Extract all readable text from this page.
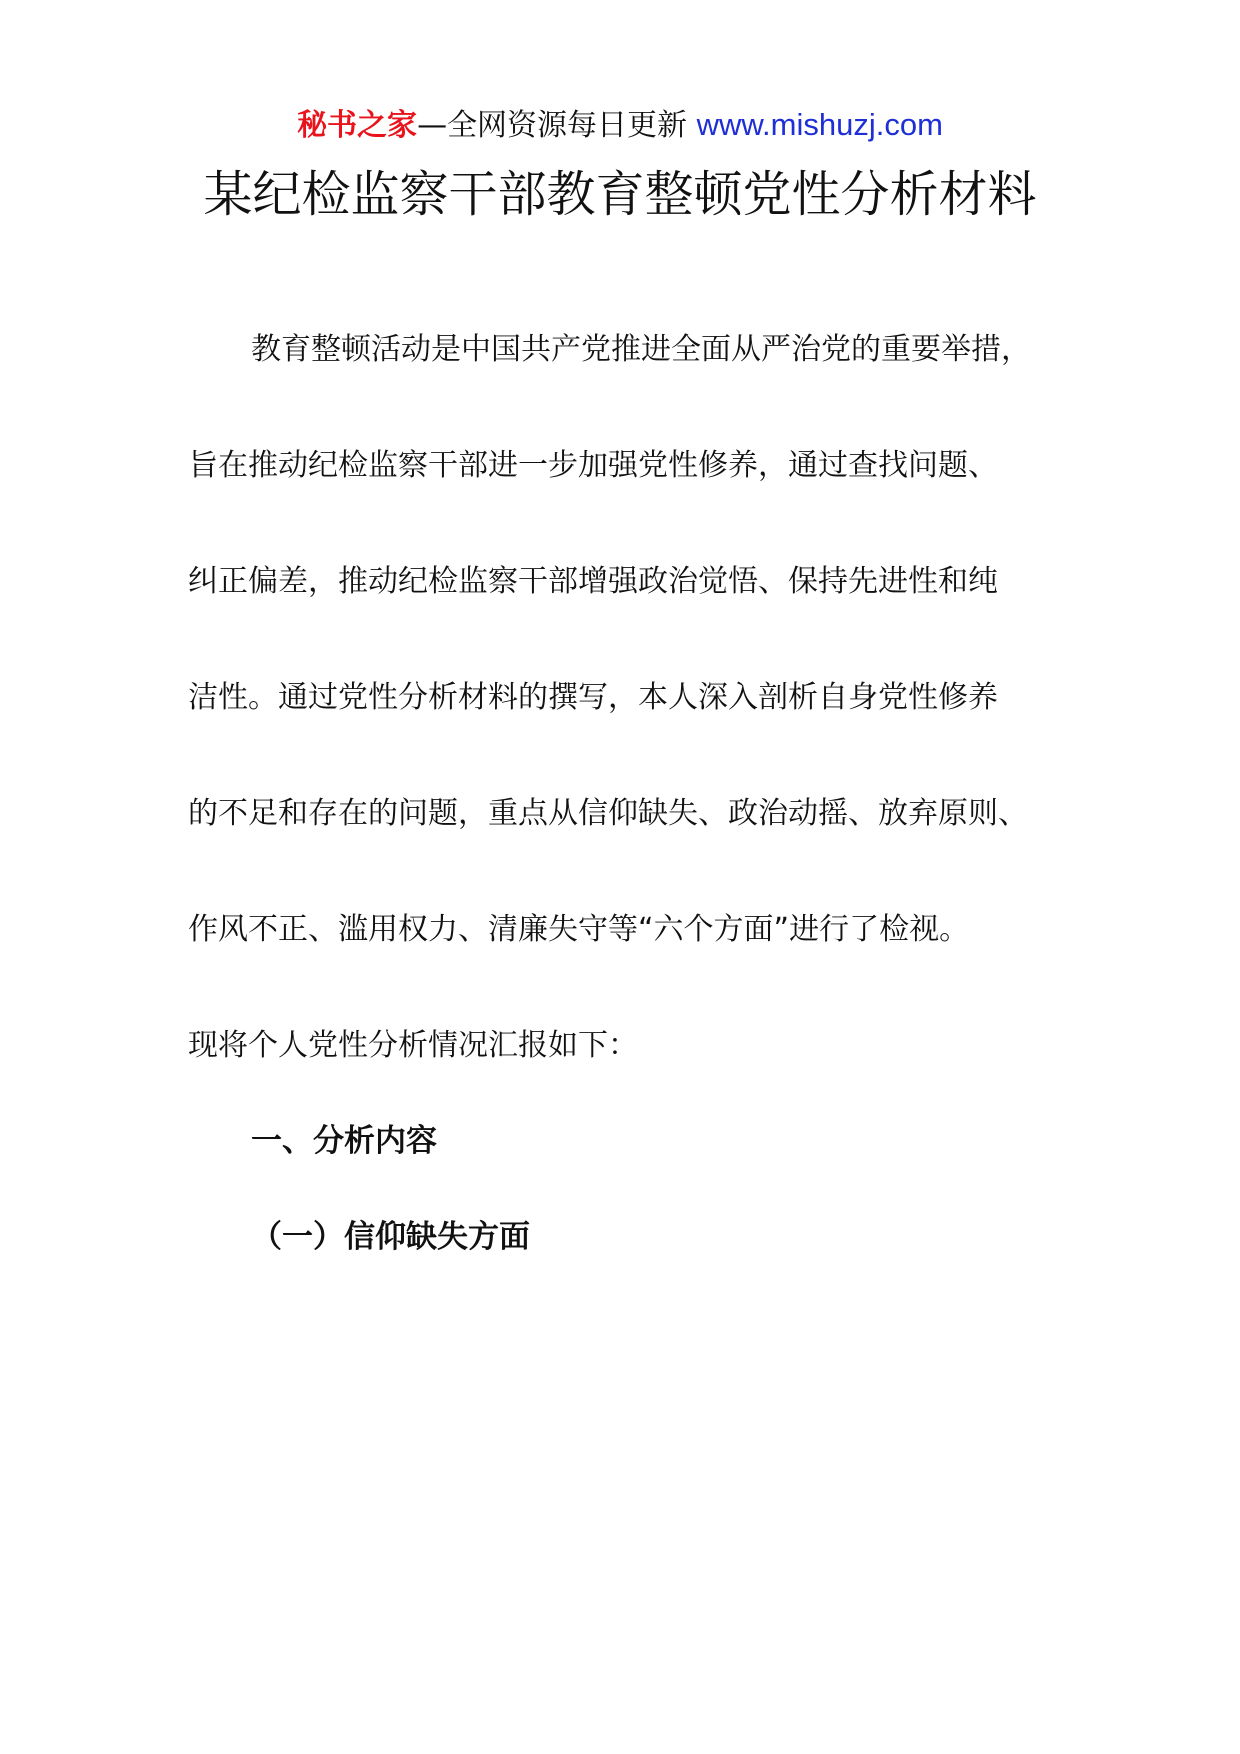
秘书之家—全网资源每日更新 www.mishuzj.com
某纪检监察干部教育整顿党性分析材料
教育整顿活动是中国共产党推进全面从严治党的重要举措，
旨在推动纪检监察干部进一步加强党性修养，通过查找问题、
纠正偏差，推动纪检监察干部增强政治觉悟、保持先进性和纯
洁性。通过党性分析材料的撰写，本人深入剖析自身党性修养
的不足和存在的问题，重点从信仰缺失、政治动摇、放弃原则、
作风不正、滥用权力、清廉失守等“六个方面”进行了检视。
现将个人党性分析情况汇报如下：
一、分析内容
（一）信仰缺失方面
